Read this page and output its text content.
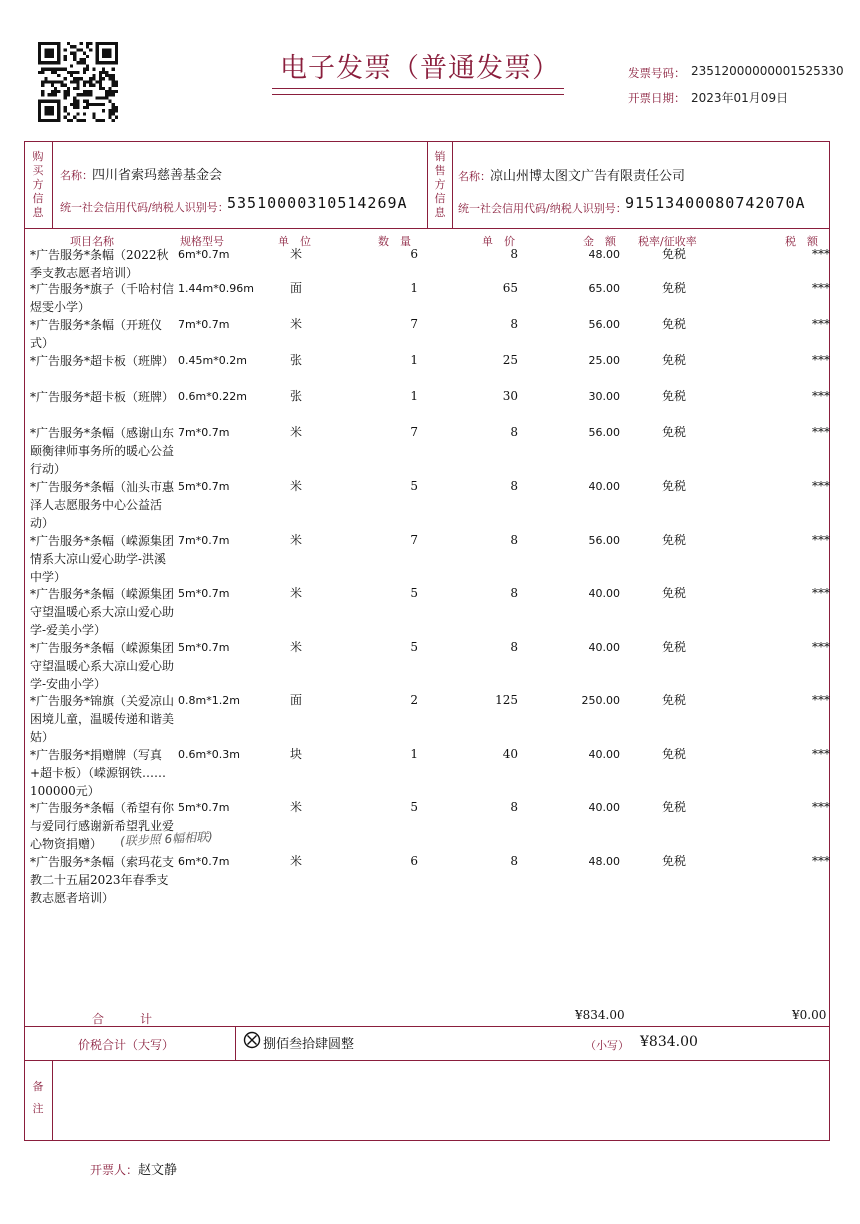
电子发票（普通发票）	发票号码： 23512000000001525330
开票日期： 2023年01月09日
购买方信息
名称： 四川省索玛慈善基金会
统一社会信用代码/纳税人识别号：
53510000310514269A
销售方信息
名称： 凉山州博太图文广告有限责任公司
统一社会信用代码/纳税人识别号：
91513400080742070A
项目名称	规格型号	单　位	数　量	单　价	金　额 税率/征收率	税　额
*广告服务*条幅（2022秋季支教志愿者培训）
6m*0.7m	米	6	8	48.00	免税	***
*广告服务*旗子（千哈村信煜雯小学）
1.44m*0.96m	面	1	65	65.00	免税	***
*广告服务*条幅（开班仪式）
7m*0.7m	米	7	8	56.00	免税	***
*广告服务*超卡板（班牌） 0.45m*0.2m	张	1	25	25.00	免税	***
*广告服务*超卡板（班牌） 0.6m*0.22m	张	1	30	30.00	免税	***
*广告服务*条幅（感谢山东颐衡律师事务所的暖心公益行动）
7m*0.7m	米	7	8	56.00	免税	***
*广告服务*条幅（汕头市惠泽人志愿服务中心公益活动）
5m*0.7m	米	5	8	40.00	免税	***
*广告服务*条幅（嵘源集团情系大凉山爱心助学-洪溪中学）
7m*0.7m	米	7	8	56.00	免税	***
*广告服务*条幅（嵘源集团守望温暖心系大凉山爱心助学-爱美小学）
5m*0.7m	米	5	8	40.00	免税	***
*广告服务*条幅（嵘源集团守望温暖心系大凉山爱心助学-安曲小学）
5m*0.7m	米	5	8	40.00	免税	***
*广告服务*锦旗（关爱凉山困境儿童，温暖传递和谐美姑）
0.8m*1.2m	面	2	125	250.00	免税	***
*广告服务*捐赠牌（写真+超卡板）（嵘源钢铁……100000元）
0.6m*0.3m	块	1	40	40.00	免税	***
*广告服务*条幅（希望有你与爱同行感谢新希望乳业爱心物资捐赠）
5m*0.7m	米	5	8	40.00	免税	***
*广告服务*条幅（索玛花支教二十五届2023年春季支教志愿者培训）
6m*0.7m	米	6	8	48.00	免税	***
(联步照 6幅相联)
合　　　计	¥834.00	¥0.00
价税合计（大写）	捌佰叁拾肆圆整	（小写） ¥834.00
备注
开票人： 赵文静
